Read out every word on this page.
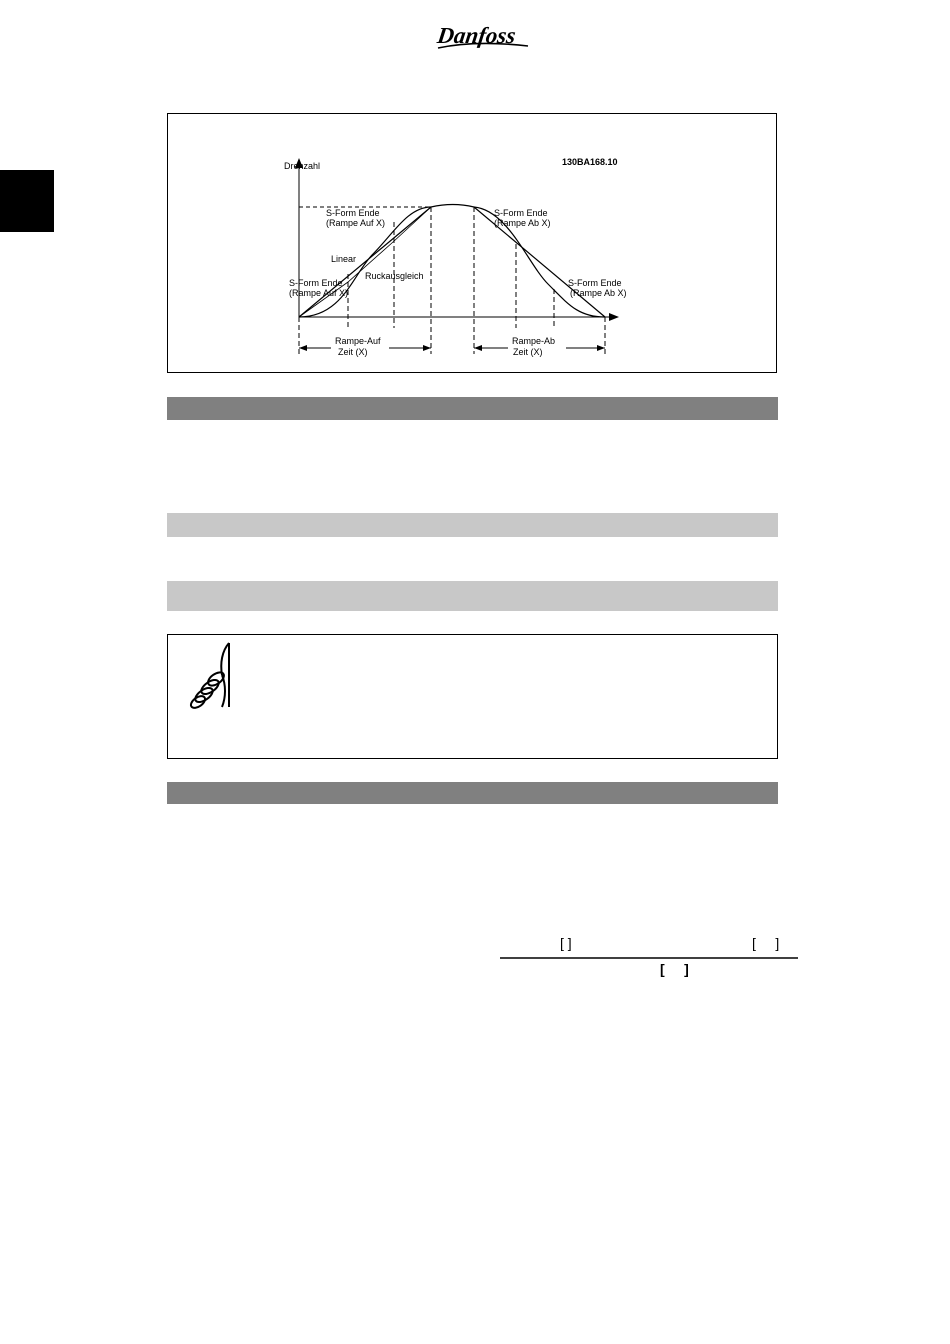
Danfoss
Drehzahl	130BA168.10
Rampe-Auf
Zeit (X)
Rampe-Ab
Zeit (X)
S-Form Ende
(Rampe Auf X)
Linear
Ruckausgleich
S-Form Ende
(Rampe Auf X)
S-Form Ende
(Rampe Ab X)
S-Form Ende
(Rampe Ab X)
[ ]	[     ]
[     ]
